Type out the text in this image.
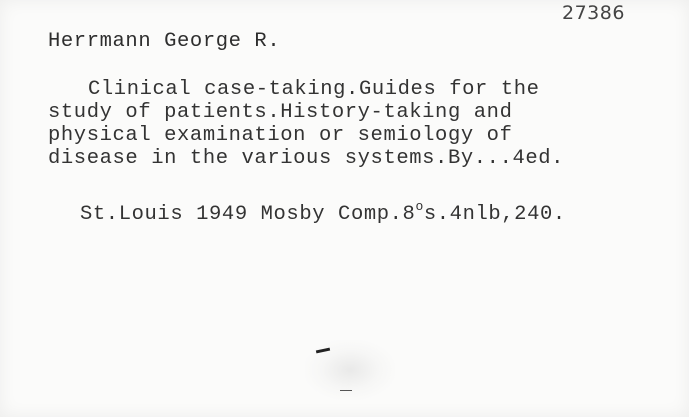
27386
Herrmann George R.
Clinical case-taking.Guides for the
study of patients.History-taking and
physical examination or semiology of
disease in the various systems.By...4ed.
St.Louis 1949 Mosby Comp.8$^o$s.4nlb,240.
